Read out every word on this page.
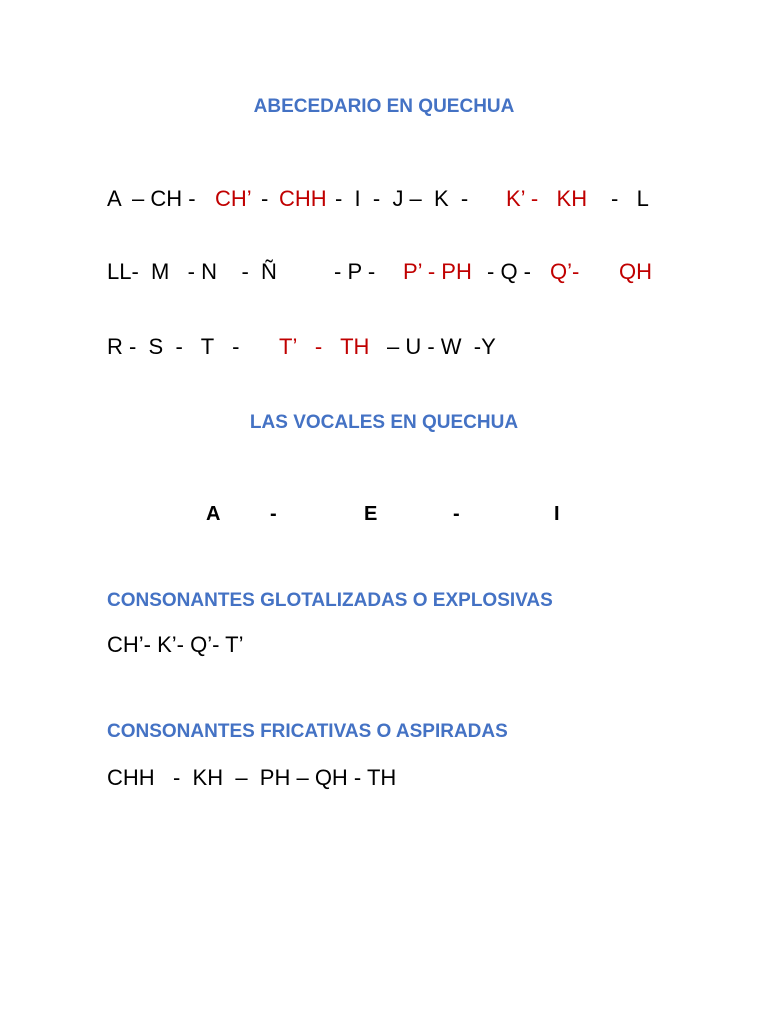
ABECEDARIO EN QUECHUA
A – CH - CH’ - CHH -  I  -  J –  K  - K’ -   KH -   L
LL-  M   - N    -  Ñ	- P - P’ - PH - Q - Q’- QH
R -  S  -   T   - T’   -   TH – U - W  -Y
LAS VOCALES EN QUECHUA
A -	E	-	I
CONSONANTES GLOTALIZADAS O EXPLOSIVAS
CH’- K’- Q’- T’
CONSONANTES FRICATIVAS O ASPIRADAS
CHH   -  KH  –  PH – QH - TH
